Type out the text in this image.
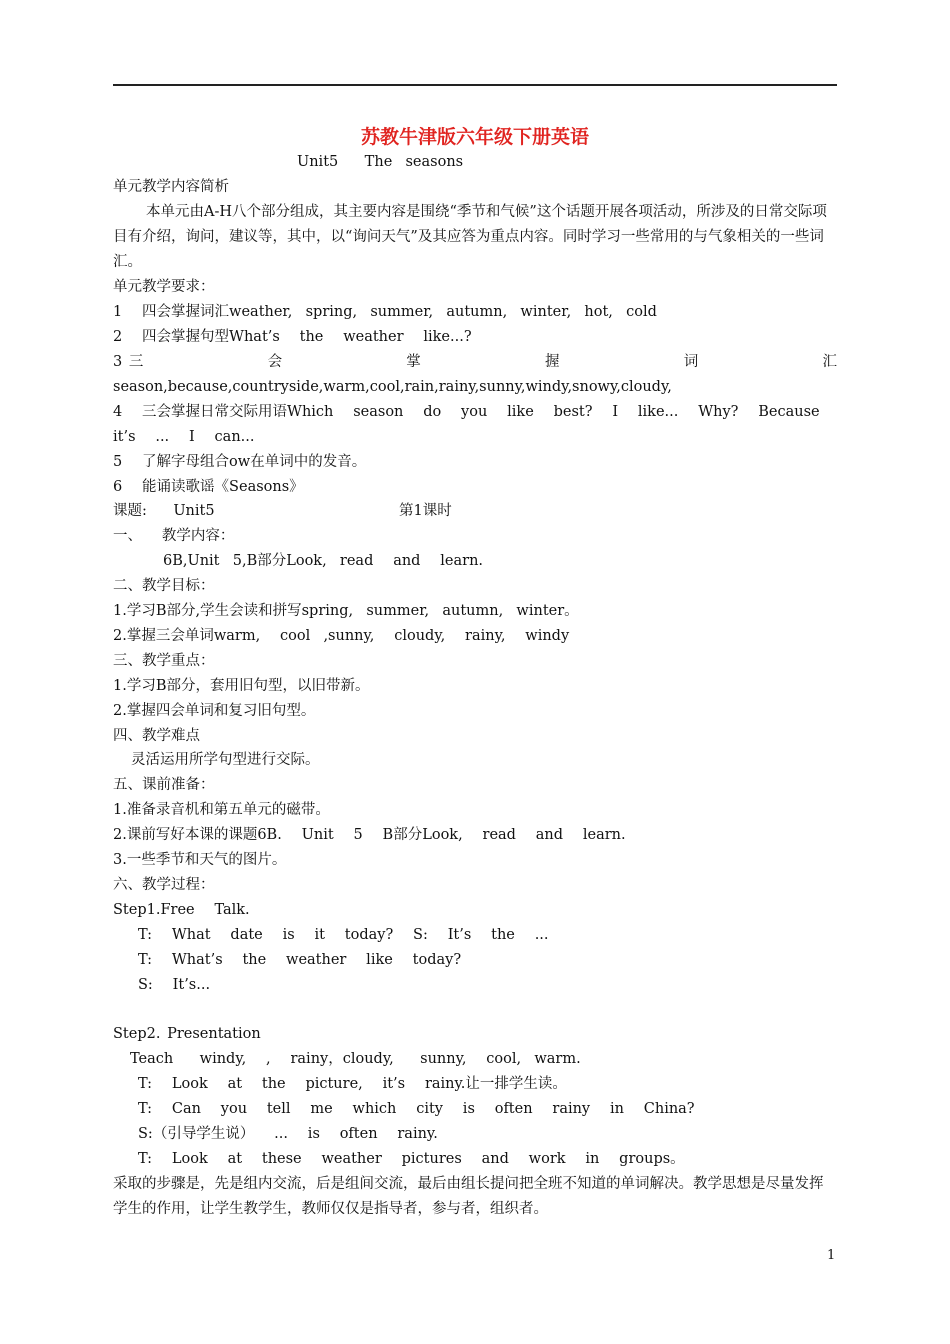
苏教牛津版六年级下册英语
Unit5    The  seasons
单元教学内容简析
本单元由A-H八个部分组成，其主要内容是围绕“季节和气候”这个话题开展各项活动，所涉及的日常交际项目有介绍，询问，建议等，其中，以“询问天气”及其应答为重点内容。同时学习一些常用的与气象相关的一些词汇。
单元教学要求：
1   四会掌握词汇weather,  spring,  summer,  autumn,  winter,  hot,  cold
2   四会掌握句型What’s   the   weather   like...?
3 三	会	掌	握	词	汇
season,because,countryside,warm,cool,rain,rainy,sunny,windy,snowy,cloudy,
4   三会掌握日常交际用语Which   season   do   you   like   best?   I   like...   Why?   Because
it’s   ...   I   can...
5   了解字母组合ow在单词中的发音。
6   能诵读歌谣《Seasons》
课题:    Unit5	第1课时
一、   教学内容：
6B,Unit  5,B部分Look,  read   and   learn.
二、教学目标：
1.学习B部分,学生会读和拼写spring,  summer,  autumn,  winter。
2.掌握三会单词warm,   cool  ,sunny,   cloudy,   rainy,   windy
三、教学重点：
1.学习B部分，套用旧句型，以旧带新。
2.掌握四会单词和复习旧句型。
四、教学难点
灵活运用所学句型进行交际。
五、课前准备：
1.准备录音机和第五单元的磁带。
2.课前写好本课的课题6B.   Unit   5   B部分Look,   read   and   learn.
3.一些季节和天气的图片。
六、教学过程：
Step1.Free   Talk.
T:   What   date   is   it   today?   S:   It’s   the   ...
T:   What’s   the   weather   like   today?
S:   It’s...
Step2. Presentation
Teach    windy,   ,   rainy，cloudy,    sunny,   cool,  warm.
T:   Look   at   the   picture,   it’s   rainy.让一排学生读。
T:   Can   you   tell   me   which   city   is   often   rainy   in   China?
S:（引导学生说）   ...   is   often   rainy.
T:   Look   at   these   weather   pictures   and   work   in   groups。
采取的步骤是，先是组内交流，后是组间交流，最后由组长提问把全班不知道的单词解决。教学思想是尽量发挥学生的作用，让学生教学生，教师仅仅是指导者，参与者，组织者。
1
